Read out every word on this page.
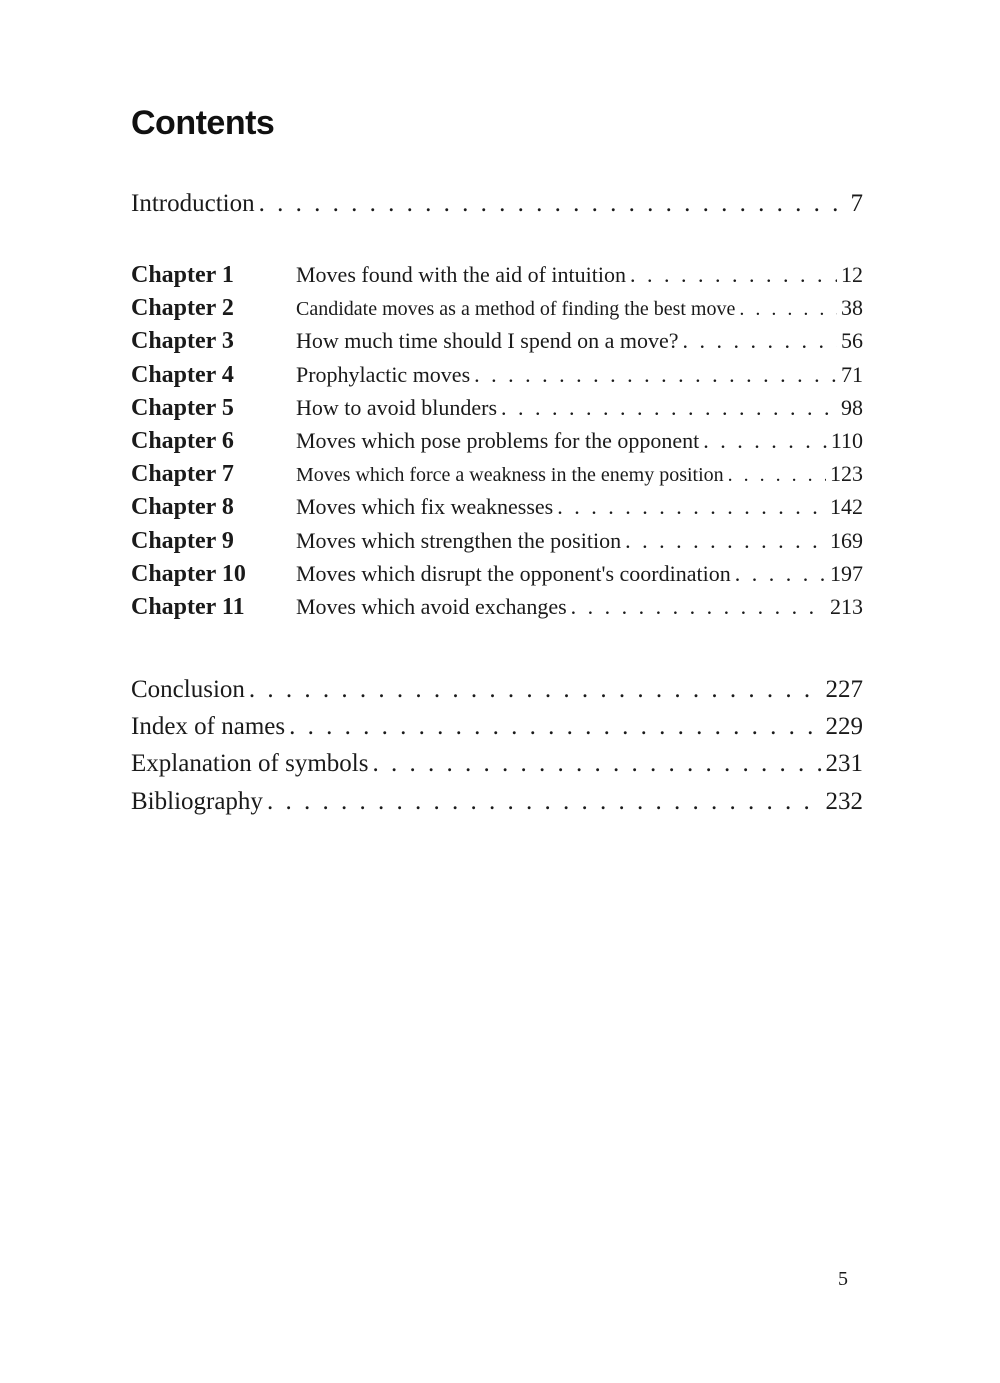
Contents
Introduction . . .	7
Chapter 1	Moves found with the aid of intuition . . .	12
Chapter 2	Candidate moves as a method of finding the best move . . .	38
Chapter 3	How much time should I spend on a move? . . .	56
Chapter 4	Prophylactic moves . . .	71
Chapter 5	How to avoid blunders . . .	98
Chapter 6	Moves which pose problems for the opponent . . .	110
Chapter 7	Moves which force a weakness in the enemy position . . .	123
Chapter 8	Moves which fix weaknesses . . .	142
Chapter 9	Moves which strengthen the position . . .	169
Chapter 10	Moves which disrupt the opponent's coordination . . .	197
Chapter 11	Moves which avoid exchanges . . .	213
Conclusion . . .	227
Index of names . . .	229
Explanation of symbols . . .	231
Bibliography . . .	232
5
